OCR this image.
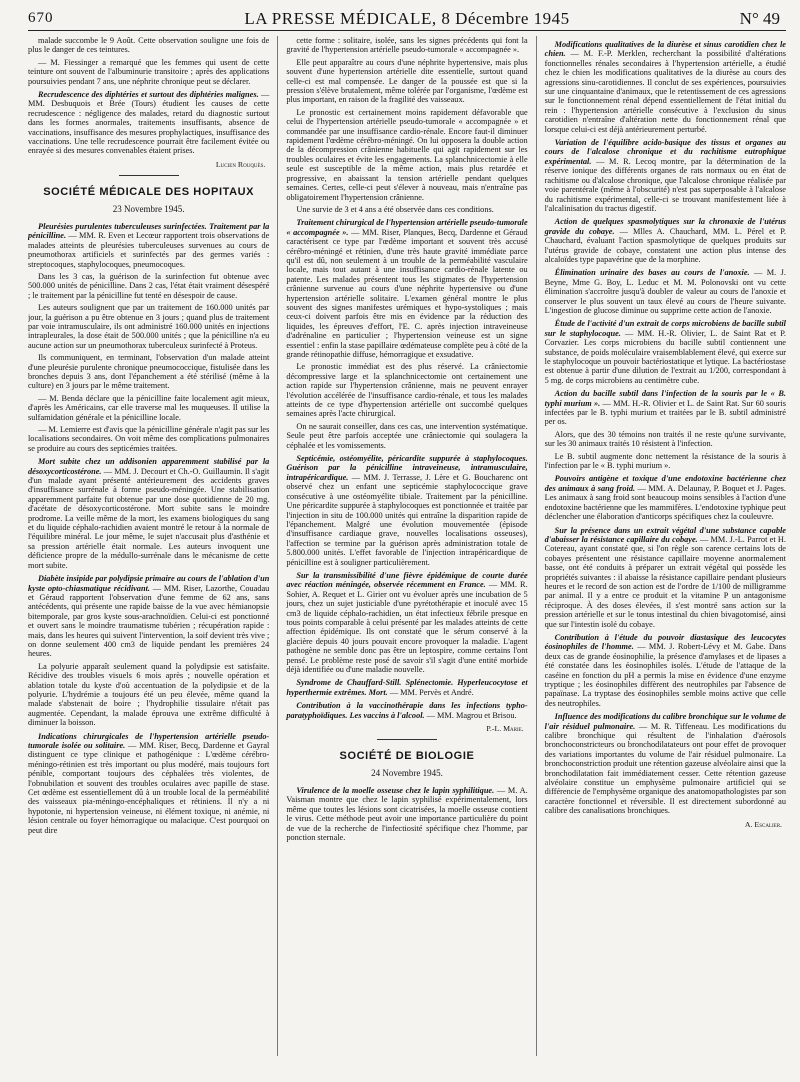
670	LA PRESSE MÉDICALE, 8 Décembre 1945	N° 49

malade succombe le 9 Août. Cette observation souligne une fois de plus le danger de ces teintures.

— M. Fiessinger a remarqué que les femmes qui usent de cette teinture ont souvent de l'albuminurie transitoire ; après des applications poursuivies pendant 7 ans, une néphrite chronique peut se déclarer.

Recrudescence des diphtéries et surtout des diphtéries malignes. — MM. Desbuquois et Brée (Tours) étudient les causes de cette recrudescence : négligence des malades, retard du diagnostic surtout dans les formes anormales, traitements insuffisants, absence de vaccinations, insuffisance des mesures prophylactiques, insuffisance des vaccinations. Une telle recrudescence pourrait être facilement évitée ou enrayée si des mesures convenables étaient prises.

Lucien Rouquès.
SOCIÉTÉ MÉDICALE DES HOPITAUX
23 Novembre 1945.

Pleurésies purulentes tuberculeuses surinfectées. Traitement par la pénicilline. — MM. R. Even et Lecœur rapportent trois observations de malades atteints de pleurésies tuberculeuses survenues au cours de pneumothorax artificiels et surinfectés par des germes variés : streptocoques, staphylocoques, pneumocoques.

Dans les 3 cas, la guérison de la surinfection fut obtenue avec 500.000 unités de pénicilline. Dans 2 cas, l'état était vraiment désespéré ; le traitement par la pénicilline fut tenté en désespoir de cause.

Les auteurs soulignent que par un traitement de 160.000 unités par jour, la guérison a pu être obtenue en 3 jours ; quand plus de traitement par voie intramusculaire, ils ont administré 160.000 unités en injections intrapleurales, la dose était de 500.000 unités ; que la pénicilline n'a eu aucune action sur un pneumothorax tuberculeux surinfecté à Proteus.

Ils communiquent, en terminant, l'observation d'un malade atteint d'une pleurésie purulente chronique pneumococcique, fistulisée dans les bronches depuis 3 ans, dont l'épanchement a été stérilisé (même à la culture) en 3 jours par le même traitement.

— M. Benda déclare que la pénicilline faite localement agit mieux, d'après les Américains, car elle traverse mal les muqueuses. Il utilise la sulfamidation générale et la pénicilline locale.

— M. Lemierre est d'avis que la pénicilline générale n'agit pas sur les localisations secondaires. On voit même des complications pulmonaires se produire au cours des septicémies traitées.

Mort subite chez un addisonien apparemment stabilisé par la désoxycorticostérone. — MM. J. Decourt et Ch.-O. Guillaumin. Il s'agit d'un malade ayant présenté antérieurement des accidents graves d'insuffisance surrénale à forme pseudo-méningée. Une stabilisation apparemment parfaite fut obtenue par une dose quotidienne de 20 mg. d'acétate de désoxycorticostérone. Mort subite sans le moindre prodrome. La veille même de la mort, les examens biologiques du sang et du liquide céphalo-rachidien avaient montré le retour à la normale de l'équilibre minéral. Le jour même, le sujet n'accusait plus d'asthénie et sa pression artérielle était normale. Les auteurs invoquent une déficience propre de la médullo-surrénale dans le mécanisme de cette mort subite.

Diabète insipide par polydipsie primaire au cours de l'ablation d'un kyste opto-chiasmatique récidivant. — MM. Riser, Lazorthe, Couadau et Géraud rapportent l'observation d'une femme de 62 ans, sans antécédents, qui présente une rapide baisse de la vue avec hémianopsie bitemporale, par gros kyste sous-arachnoïdien. Celui-ci est ponctionné et ouvert sans le moindre traumatisme tubérien ; récupération rapide : mais, dans les heures qui suivent l'intervention, la soif devient très vive ; on donne seulement 400 cm3 de liquide pendant les premières 24 heures.

La polyurie apparaît seulement quand la polydipsie est satisfaite. Récidive des troubles visuels 6 mois après ; nouvelle opération et ablation totale du kyste d'où accentuation de la polydipsie et de la polyurie. L'hydrémie a toujours été un peu élevée, même quand la malade s'abstenait de boire ; l'hydrophilie tissulaire n'était pas augmentée. Cependant, la malade éprouva une extrême difficulté à diminuer la boisson.

Indications chirurgicales de l'hypertension artérielle pseudo-tumorale isolée ou solitaire. — MM. Riser, Becq, Dardenne et Gayral distinguent ce type clinique et pathogénique : L'œdème cérébro-méningo-rétinien est très important ou plus modéré, mais toujours fort pénible, comportant toujours des céphalées très violentes, de l'obnubilation et souvent des troubles oculaires avec papille de stase. Cet œdème est essentiellement dû à un trouble local de la perméabilité des vaisseaux pia-méningo-encéphaliques et rétiniens. Il n'y a ni hypotonie, ni hypertension veineuse, ni élément toxique, ni anémie, ni lésion centrale ou foyer hémorragique ou malacique. C'est pourquoi on peut dire

cette forme : solitaire, isolée, sans les signes précédents qui font la gravité de l'hypertension artérielle pseudo-tumorale « accompagnée ».

Elle peut apparaître au cours d'une néphrite hypertensive, mais plus souvent d'une hypertension artérielle dite essentielle, surtout quand celle-ci est mal compensée. Le danger de la poussée est que si la pression s'élève brutalement, même tolérée par l'organisme, l'œdème est plus important, en raison de la fragilité des vaisseaux.

Le pronostic est certainement moins rapidement défavorable que celui de l'hypertension artérielle pseudo-tumorale « accompagnée » et commandée par une insuffisance cardio-rénale. Encore faut-il diminuer rapidement l'œdème cérébro-méningé. On lui opposera la double action de la décompression crânienne habituelle qui agit rapidement sur les troubles oculaires et évite les engagements. La splanchnicectomie à elle seule est susceptible de la même action, mais plus retardée et progressive, en abaissant la tension artérielle pendant quelques semaines. Certes, celle-ci peut s'élever à nouveau, mais n'entraîne pas obligatoirement l'hypertension crânienne.

Une survie de 3 et 4 ans a été observée dans ces conditions.

Traitement chirurgical de l'hypertension artérielle pseudo-tumorale « accompagnée ». — MM. Riser, Planques, Becq, Dardenne et Géraud caractérisent ce type par l'œdème important et souvent très accusé cérébro-méningé et rétinien, d'une très haute gravité immédiate parce qu'il est dû, non seulement à un trouble de la perméabilité vasculaire locale, mais tout autant à une insuffisance cardio-rénale latente ou patente. Les malades présentent tous les stigmates de l'hypertension crânienne survenue au cours d'une néphrite hypertensive ou d'une hypertension artérielle solitaire. L'examen général montre le plus souvent des signes manifestes urémiques et hypo-systoliques ; mais ceux-ci doivent parfois être mis en évidence par la réduction des liquides, les épreuves d'effort, l'E. C. après injection intraveineuse d'adrénaline en particulier ; l'hypertension veineuse est un signe essentiel : enfin la stase papillaire œdémateuse complète peu à côté de la grande rétinopathie diffuse, hémorragique et exsudative.

Le pronostic immédiat est des plus réservé. La crâniectomie décompressive large et la splanchnicectomie ont certainement une action rapide sur l'hypertension crânienne, mais ne peuvent enrayer l'évolution accélérée de l'insuffisance cardio-rénale, et tous les malades atteints de ce type d'hypertension artérielle ont succombé quelques semaines après l'acte chirurgical.

On ne saurait conseiller, dans ces cas, une intervention systématique. Seule peut être parfois acceptée une crâniectomie qui soulagera la céphalée et les vomissements.

Septicémie, ostéomyélite, péricardite suppurée à staphylocoques. Guérison par la pénicilline intraveineuse, intramusculaire, intrapéricardique. — MM. J. Terrasse, J. Lère et G. Boucharenc ont observé chez un enfant une septicémie staphylococcique grave consécutive à une ostéomyélite tibiale. Traitement par la pénicilline. Une péricardite suppurée à staphylocoques est ponctionnée et traitée par l'injection in situ de 100.000 unités qui entraîne la disparition rapide de l'épanchement. Malgré une évolution mouvementée (épisode d'insuffisance cardiaque grave, nouvelles localisations osseuses), l'affection se termine par la guérison après administration totale de 5.800.000 unités. L'effet favorable de l'injection intrapéricardique de pénicilline est à souligner particulièrement.

Sur la transmissibilité d'une fièvre épidémique de courte durée avec réaction méningée, observée récemment en France. — MM. R. Sohier, A. Requet et L. Girier ont vu évoluer après une incubation de 5 jours, chez un sujet justiciable d'une pyrétothérapie et inoculé avec 15 cm3 de liquide céphalo-rachidien, un état infectieux fébrile presque en tous points comparable à celui présenté par les malades atteints de cette affection épidémique. Ils ont constaté que le sérum conservé à la glacière depuis 40 jours pouvait encore provoquer la maladie. L'agent pathogène ne semble donc pas être un leptospire, comme certains l'ont pensé. Le problème reste posé de savoir s'il s'agit d'une entité morbide déjà identifiée ou d'une maladie nouvelle.

Syndrome de Chauffard-Still. Splénectomie. Hyperleucocytose et hyperthermie extrêmes. Mort. — MM. Pervès et André.

Contribution à la vaccinothérapie dans les infections typho-paratyphoïdiques. Les vaccins à l'alcool. — MM. Magrou et Brisou.

P.-L. Marie.
SOCIÉTÉ DE BIOLOGIE
24 Novembre 1945.

Virulence de la moelle osseuse chez le lapin syphilitique. — M. A. Vaisman montre que chez le lapin syphilisé expérimentalement, lors même que toutes les lésions sont cicatrisées, la moelle osseuse contient le virus. Cette méthode peut avoir une importance particulière du point de vue de la recherche de l'infectiosité spécifique chez l'homme, par ponction sternale.

Modifications qualitatives de la diurèse et sinus carotidien chez le chien. — M. F.-P. Merklen, recherchant la possibilité d'altérations fonctionnelles rénales secondaires à l'hypertension artérielle, a étudié chez le chien les modifications qualitatives de la diurèse au cours des agressions sinu-carotidiennes. Il conclut de ses expériences, poursuivies sur une cinquantaine d'animaux, que le retentissement de ces agressions sur le fonctionnement rénal dépend essentiellement de l'état initial du rein : l'hypertension artérielle consécutive à l'exclusion du sinus carotidien n'entraîne d'altération nette du fonctionnement rénal que lorsque celui-ci est déjà antérieurement perturbé.

Variation de l'équilibre acido-basique des tissus et organes au cours de l'alcalose chronique et du rachitisme eutrophique expérimental. — M. R. Lecoq montre, par la détermination de la réserve ionique des différents organes de rats normaux ou en état de rachitisme ou d'alcalose chronique, que l'alcalose chronique réalisée par voie parentérale (même à l'obscurité) n'est pas superposable à l'alcalose du rachitisme expérimental, celle-ci se trouvant manifestement liée à l'alcalinisation du tractus digestif.

Action de quelques spasmolytiques sur la chronaxie de l'utérus gravide du cobaye. — Mlles A. Chauchard, MM. L. Pérel et P. Chauchard, évaluant l'action spasmolytique de quelques produits sur l'utérus gravide de cobaye, constatent une action plus intense des alcaloïdes type papavérine que de la morphine.

Élimination urinaire des bases au cours de l'anoxie. — M. J. Beyne, Mme G. Boy, L. Leduc et M. M. Polonovski ont vu cette élimination s'accroître jusqu'à doubler de valeur au cours de l'anoxie et conserver le plus souvent un taux élevé au cours de l'heure suivante. L'ingestion de glucose diminue ou supprime cette action de l'anoxie.

Étude de l'activité d'un extrait de corps microbiens de bacille subtil sur le staphylocoque. — MM. H.-R. Olivier, L. de Saint Rat et P. Corvazier. Les corps microbiens du bacille subtil contiennent une substance, de poids moléculaire vraisemblablement élevé, qui exerce sur le staphylocoque un pouvoir bactériostatique et lytique. La bactériostase est obtenue à partir d'une dilution de l'extrait au 1/200, correspondant à 5 mg. de corps microbiens au centimètre cube.

Action du bacille subtil dans l'infection de la souris par le « B. typhi murium ». — MM. H.-R. Olivier et L. de Saint Rat. Sur 60 souris infectées par le B. typhi murium et traitées par le B. subtil administré per os.

Alors, que des 30 témoins non traités il ne reste qu'une survivante, sur les 30 animaux traités 10 résistent à l'infection.

Le B. subtil augmente donc nettement la résistance de la souris à l'infection par le « B. typhi murium ».

Pouvoirs antigène et toxique d'une endotoxine bactérienne chez des animaux à sang froid. — MM. A. Delaunay, P. Boquet et J. Pages. Les animaux à sang froid sont beaucoup moins sensibles à l'action d'une endotoxine bactérienne que les mammifères. L'endotoxine typhique peut déclencher une élaboration d'anticorps spécifiques chez la couleuvre.

Sur la présence dans un extrait végétal d'une substance capable d'abaisser la résistance capillaire du cobaye. — MM. J.-L. Parrot et H. Cotereau, ayant constaté que, si l'on règle son carence certains lots de cobayes présentent une résistance capillaire moyenne anormalement basse, ont été conduits à préparer un extrait végétal qui possède les propriétés suivantes : il abaisse la résistance capillaire pendant plusieurs heures et le record de son action est de l'ordre de 1/100 de milligramme par animal. Il y a entre ce produit et la vitamine P un antagonisme réciproque. À des doses élevées, il s'est montré sans action sur la pression artérielle et sur le tonus intestinal du chien bivagotomisé, ainsi que sur l'intestin isolé du cobaye.

Contribution à l'étude du pouvoir diastasique des leucocytes éosinophiles de l'homme. — MM. J. Robert-Lévy et M. Gabe. Dans deux cas de grande éosinophilie, la présence d'amylases et de lipases a été constatée dans les éosinophiles isolés. L'étude de l'attaque de la caséine en fonction du pH a permis la mise en évidence d'une enzyme tryptique ; les éosinophiles diffèrent des neutrophiles par l'absence de papaïnase. La tryptase des éosinophiles semble moins active que celle des neutrophiles.

Influence des modifications du calibre bronchique sur le volume de l'air résiduel pulmonaire. — M. R. Tiffeneau. Les modifications du calibre bronchique qui résultent de l'inhalation d'aérosols bronchoconstricteurs ou bronchodilatateurs ont pour effet de provoquer des variations importantes du volume de l'air résiduel pulmonaire. La bronchoconstriction produit une rétention gazeuse alvéolaire ainsi que la bronchodilatation fait immédiatement cesser. Cette rétention gazeuse alvéolaire constitue un emphysème pulmonaire artificiel qui se différencie de l'emphysème organique des anatomopathologistes par son caractère fonctionnel et réversible. Il est directement subordonné au calibre des canalisations bronchiques.

A. Escalier.
